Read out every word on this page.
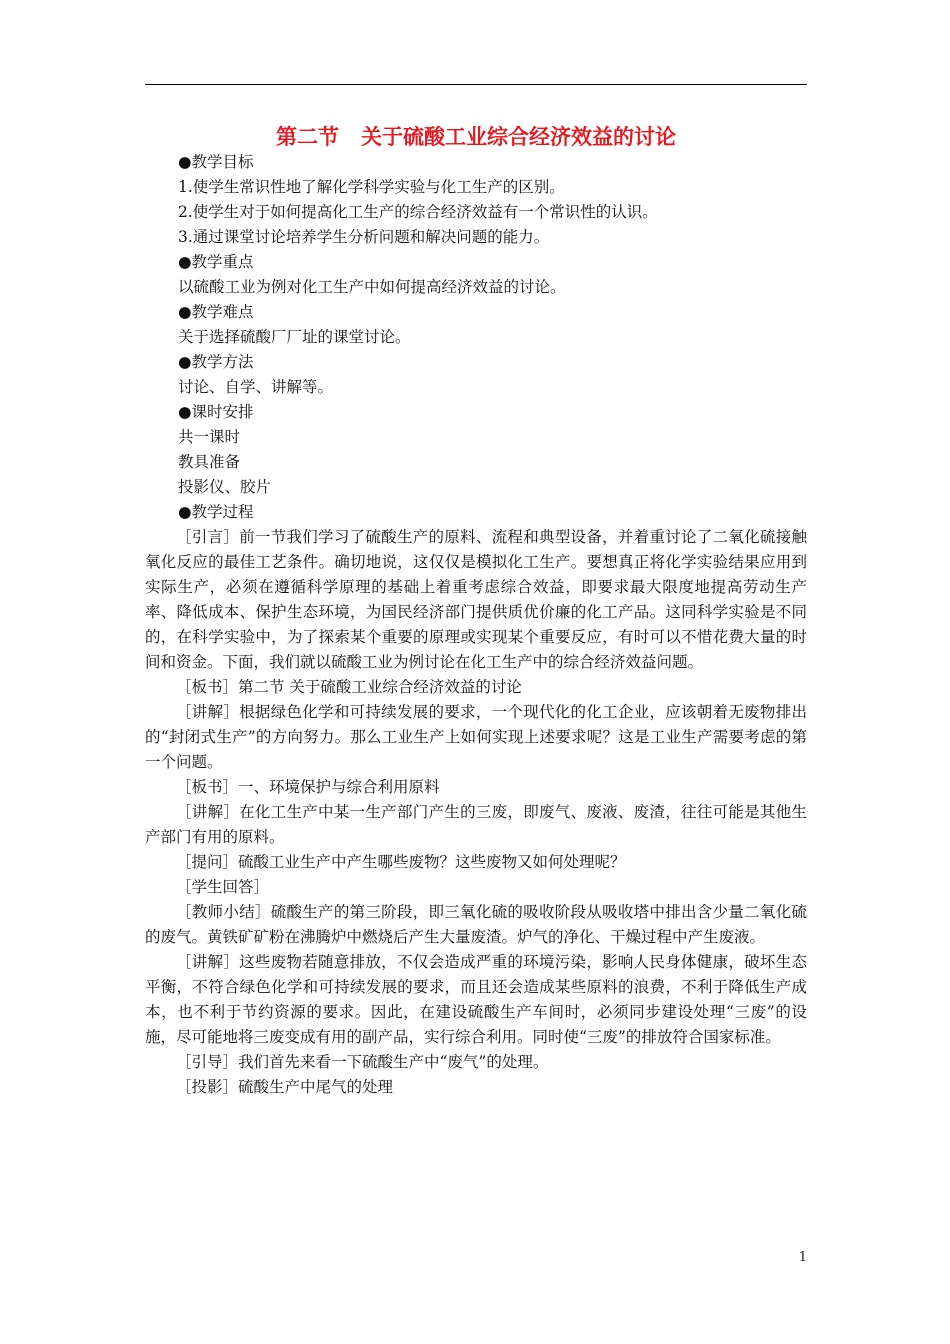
第二节 关于硫酸工业综合经济效益的讨论

●教学目标

1.使学生常识性地了解化学科学实验与化工生产的区别。

2.使学生对于如何提高化工生产的综合经济效益有一个常识性的认识。

3.通过课堂讨论培养学生分析问题和解决问题的能力。

●教学重点

以硫酸工业为例对化工生产中如何提高经济效益的讨论。

●教学难点

关于选择硫酸厂厂址的课堂讨论。

●教学方法

讨论、自学、讲解等。

●课时安排

共一课时

教具准备

投影仪、胶片

●教学过程

［引言］前一节我们学习了硫酸生产的原料、流程和典型设备，并着重讨论了二氧化硫接触氧化反应的最佳工艺条件。确切地说，这仅仅是模拟化工生产。要想真正将化学实验结果应用到实际生产，必须在遵循科学原理的基础上着重考虑综合效益，即要求最大限度地提高劳动生产率、降低成本、保护生态环境，为国民经济部门提供质优价廉的化工产品。这同科学实验是不同的，在科学实验中，为了探索某个重要的原理或实现某个重要反应，有时可以不惜花费大量的时间和资金。下面，我们就以硫酸工业为例讨论在化工生产中的综合经济效益问题。

［板书］第二节 关于硫酸工业综合经济效益的讨论

［讲解］根据绿色化学和可持续发展的要求，一个现代化的化工企业，应该朝着无废物排出的“封闭式生产”的方向努力。那么工业生产上如何实现上述要求呢？这是工业生产需要考虑的第一个问题。

［板书］一、环境保护与综合利用原料

［讲解］在化工生产中某一生产部门产生的三废，即废气、废液、废渣，往往可能是其他生产部门有用的原料。

［提问］硫酸工业生产中产生哪些废物？这些废物又如何处理呢？

［学生回答］

［教师小结］硫酸生产的第三阶段，即三氧化硫的吸收阶段从吸收塔中排出含少量二氧化硫的废气。黄铁矿矿粉在沸腾炉中燃烧后产生大量废渣。炉气的净化、干燥过程中产生废液。

［讲解］这些废物若随意排放，不仅会造成严重的环境污染，影响人民身体健康，破坏生态平衡，不符合绿色化学和可持续发展的要求，而且还会造成某些原料的浪费，不利于降低生产成本，也不利于节约资源的要求。因此，在建设硫酸生产车间时，必须同步建设处理“三废”的设施，尽可能地将三废变成有用的副产品，实行综合利用。同时使“三废”的排放符合国家标准。

［引导］我们首先来看一下硫酸生产中“废气”的处理。

［投影］硫酸生产中尾气的处理

1
